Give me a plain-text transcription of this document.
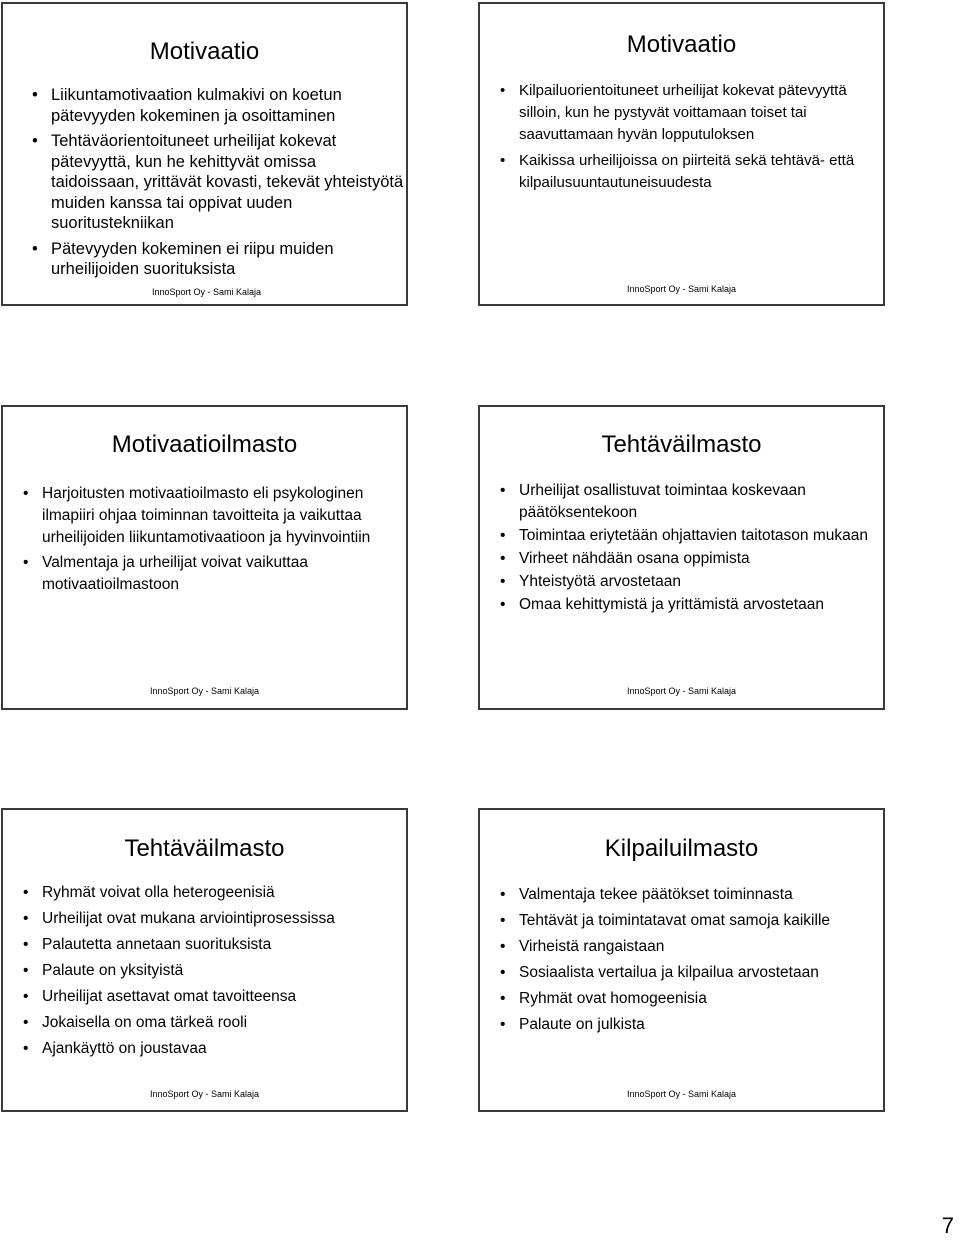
Motivaatio
• Liikuntamotivaation kulmakivi on koetun pätevyyden kokeminen ja osoittaminen
• Tehtäväorientoituneet urheilijat kokevat pätevyyttä, kun he kehittyvät omissa taidoissaan, yrittävät kovasti, tekevät yhteistyötä muiden kanssa tai oppivat uuden suoritustekniikan
• Pätevyyden kokeminen ei riipu muiden urheilijoiden suorituksista
InnoSport Oy - Sami Kalaja
Motivaatio
• Kilpailuorientoituneet urheilijat kokevat pätevyyttä silloin, kun he pystyvät voittamaan toiset tai saavuttamaan hyvän lopputuloksen
• Kaikissa urheilijoissa on piirteitä sekä tehtävä- että kilpailusuuntautuneisuudesta
InnoSport Oy - Sami Kalaja
Motivaatioilmasto
• Harjoitusten motivaatioilmasto eli psykologinen ilmapiiri ohjaa toiminnan tavoitteita ja vaikuttaa urheilijoiden liikuntamotivaatioon ja hyvinvointiin
• Valmentaja ja urheilijat voivat vaikuttaa motivaatioilmastoon
InnoSport Oy - Sami Kalaja
Tehtäväilmasto
• Urheilijat osallistuvat toimintaa koskevaan päätöksentekoon
• Toimintaa eriytetään ohjattavien taitotason mukaan
• Virheet nähdään osana oppimista
• Yhteistyötä arvostetaan
• Omaa kehittymistä ja yrittämistä arvostetaan
InnoSport Oy - Sami Kalaja
Tehtäväilmasto
• Ryhmät voivat olla heterogeenisiä
• Urheilijat ovat mukana arviointiprosessissa
• Palautetta annetaan suorituksista
• Palaute on yksityistä
• Urheilijat asettavat omat tavoitteensa
• Jokaisella on oma tärkeä rooli
• Ajankäyttö on joustavaa
InnoSport Oy - Sami Kalaja
Kilpailuilmasto
• Valmentaja tekee päätökset toiminnasta
• Tehtävät ja toimintatavat omat samoja kaikille
• Virheistä rangaistaan
• Sosiaalista vertailua ja kilpailua arvostetaan
• Ryhmät ovat homogeenisia
• Palaute on julkista
InnoSport Oy - Sami Kalaja
7
